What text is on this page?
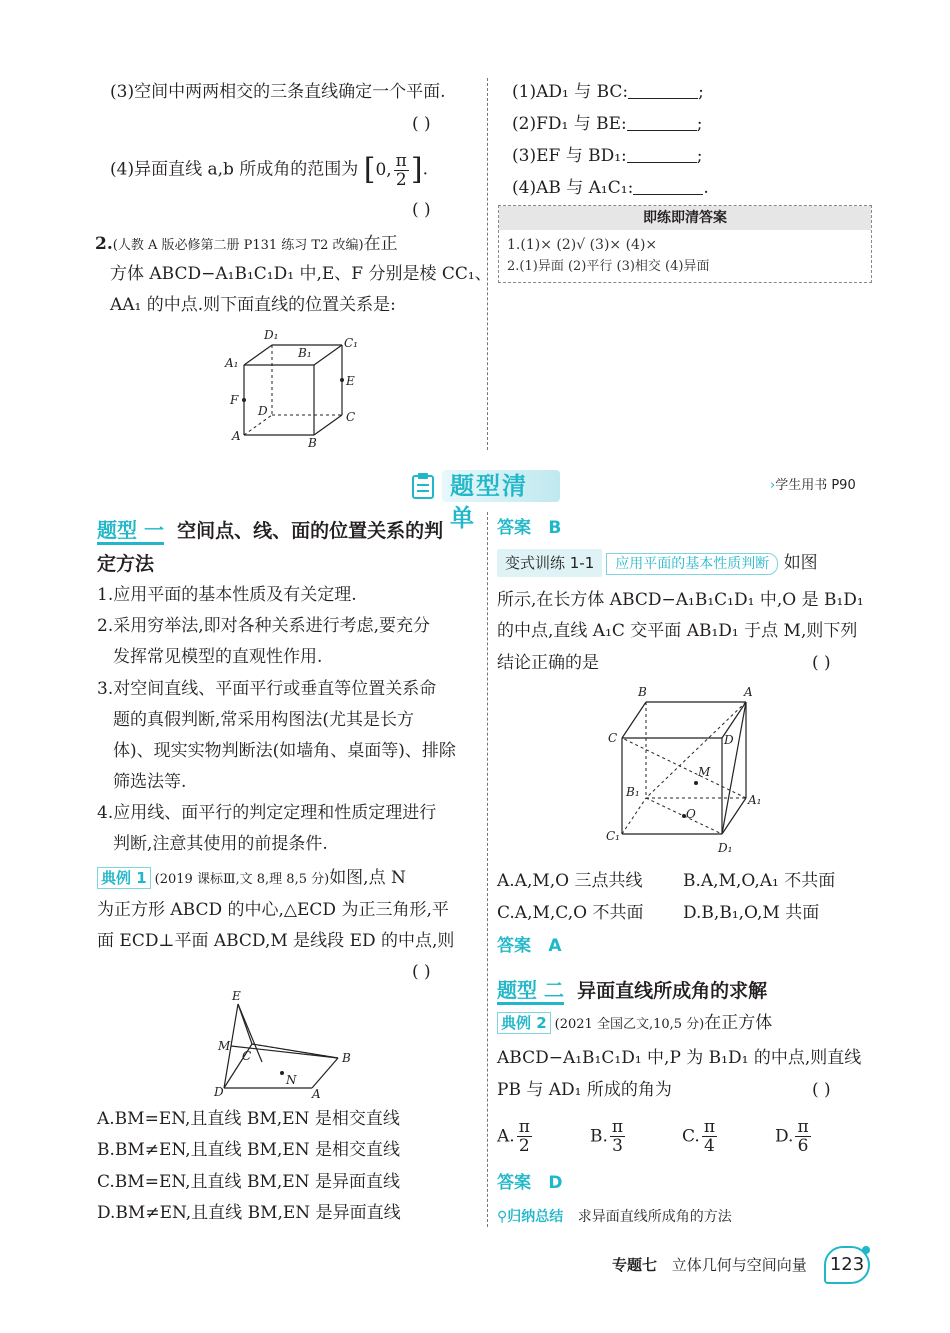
(3)空间中两两相交的三条直线确定一个平面.
( )
(4)异面直线 a,b 所成角的范围为 [0, $\frac{\pi}{2}$ ].
( )
2.(人教 A 版必修第二册 P131 练习 T2 改编)在正
方体 ABCD−A₁B₁C₁D₁ 中,E、F 分别是棱 CC₁、
AA₁ 的中点.则下面直线的位置关系是:
D₁
B₁
C₁
A₁
E
F
D	C
A	B
(1)AD₁ 与 BC:	;
(2)FD₁ 与 BE:	;
(3)EF 与 BD₁:	;
(4)AB 与 A₁C₁:	.
即练即清答案
1.(1)× (2)√ (3)× (4)×
2.(1)异面 (2)平行 (3)相交 (4)异面
题型清单
›学生用书 P90
题型 一 空间点、线、面的位置关系的判
定方法
1.应用平面的基本性质及有关定理.
2.采用穷举法,即对各种关系进行考虑,要充分
发挥常见模型的直观性作用.
3.对空间直线、平面平行或垂直等位置关系命
题的真假判断,常采用构图法(尤其是长方
体)、现实实物判断法(如墙角、桌面等)、排除
筛选法等.
4.应用线、面平行的判定定理和性质定理进行
判断,注意其使用的前提条件.
典例 1 (2019 课标Ⅲ,文 8,理 8,5 分)如图,点 N
为正方形 ABCD 的中心,△ECD 为正三角形,平
面 ECD⊥平面 ABCD,M 是线段 ED 的中点,则
( )
E
M
C	B
N
D	A
A.BM=EN,且直线 BM,EN 是相交直线
B.BM≠EN,且直线 BM,EN 是相交直线
C.BM=EN,且直线 BM,EN 是异面直线
D.BM≠EN,且直线 BM,EN 是异面直线
答案 B
变式训练 1-1 应用平面的基本性质判断 如图
所示,在长方体 ABCD−A₁B₁C₁D₁ 中,O 是 B₁D₁
的中点,直线 A₁C 交平面 AB₁D₁ 于点 M,则下列
结论正确的是	( )
B	A
C	D
M
B₁
A₁
O
C₁
D₁
A.A,M,O 三点共线 B.A,M,O,A₁ 不共面
C.A,M,C,O 不共面 D.B,B₁,O,M 共面
答案 A
题型 二 异面直线所成角的求解
典例 2 (2021 全国乙文,10,5 分)在正方体
ABCD−A₁B₁C₁D₁ 中,P 为 B₁D₁ 的中点,则直线
PB 与 AD₁ 所成的角为	( )
A. $\frac{\pi}{2}$	B. $\frac{\pi}{3}$	C. $\frac{\pi}{4}$	D. $\frac{\pi}{6}$
答案 D
⚲归纳总结 求异面直线所成角的方法
专题七 立体几何与空间向量 123
